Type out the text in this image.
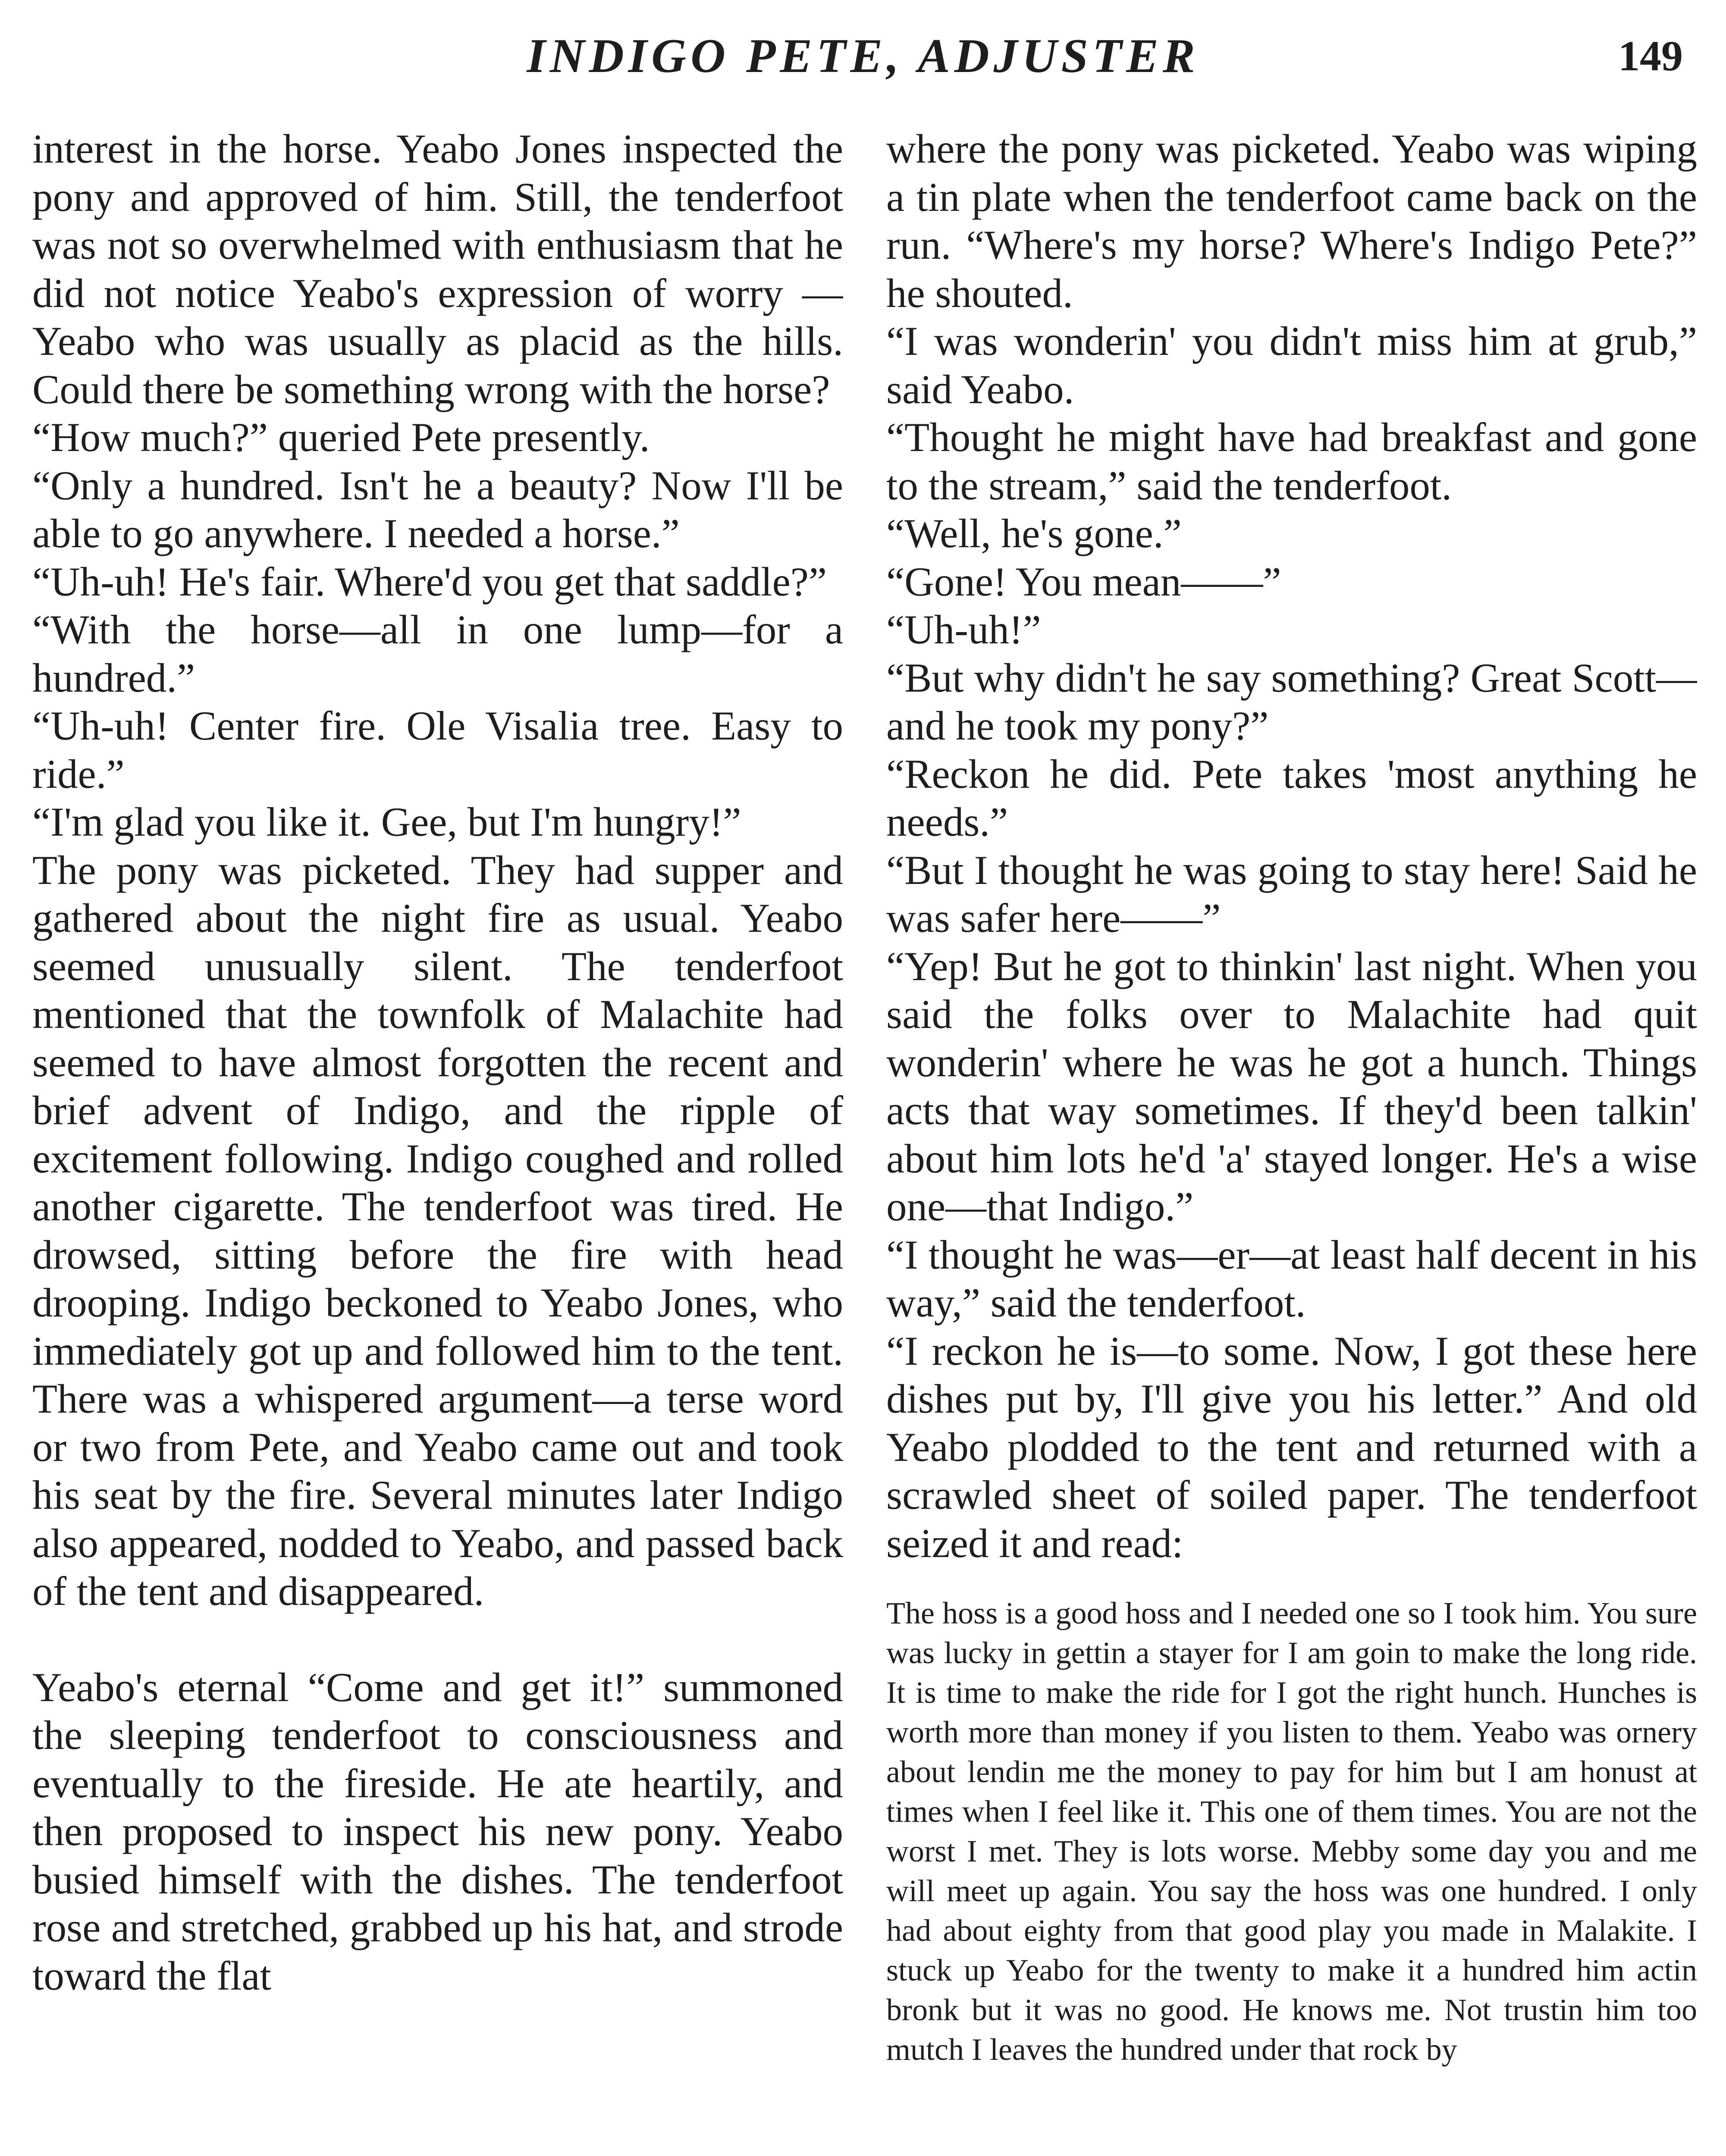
INDIGO PETE, ADJUSTER	149

interest in the horse. Yeabo Jones inspected the pony and approved of him. Still, the tenderfoot was not so overwhelmed with enthusiasm that he did not notice Yeabo's expression of worry —Yeabo who was usually as placid as the hills. Could there be something wrong with the horse?

“How much?” queried Pete presently.

“Only a hundred. Isn't he a beauty? Now I'll be able to go anywhere. I needed a horse.”

“Uh-uh! He's fair. Where'd you get that saddle?”

“With the horse—all in one lump—for a hundred.”

“Uh-uh! Center fire. Ole Visalia tree. Easy to ride.”

“I'm glad you like it. Gee, but I'm hungry!”

The pony was picketed. They had supper and gathered about the night fire as usual. Yeabo seemed unusually silent. The tenderfoot mentioned that the townfolk of Malachite had seemed to have almost forgotten the recent and brief advent of Indigo, and the ripple of excitement following. Indigo coughed and rolled another cigarette. The tenderfoot was tired. He drowsed, sitting before the fire with head drooping. Indigo beckoned to Yeabo Jones, who immediately got up and followed him to the tent. There was a whispered argument—a terse word or two from Pete, and Yeabo came out and took his seat by the fire. Several minutes later Indigo also appeared, nodded to Yeabo, and passed back of the tent and disappeared.

Yeabo's eternal “Come and get it!” summoned the sleeping tenderfoot to consciousness and eventually to the fireside. He ate heartily, and then proposed to inspect his new pony. Yeabo busied himself with the dishes. The tenderfoot rose and stretched, grabbed up his hat, and strode toward the flat

where the pony was picketed. Yeabo was wiping a tin plate when the tenderfoot came back on the run. “Where's my horse? Where's Indigo Pete?” he shouted.

“I was wonderin' you didn't miss him at grub,” said Yeabo.

“Thought he might have had breakfast and gone to the stream,” said the tenderfoot.

“Well, he's gone.”

“Gone! You mean——”

“Uh-uh!”

“But why didn't he say something? Great Scott—and he took my pony?”

“Reckon he did. Pete takes 'most anything he needs.”

“But I thought he was going to stay here! Said he was safer here——”

“Yep! But he got to thinkin' last night. When you said the folks over to Malachite had quit wonderin' where he was he got a hunch. Things acts that way sometimes. If they'd been talkin' about him lots he'd 'a' stayed longer. He's a wise one—that Indigo.”

“I thought he was—er—at least half decent in his way,” said the tenderfoot.

“I reckon he is—to some. Now, I got these here dishes put by, I'll give you his letter.” And old Yeabo plodded to the tent and returned with a scrawled sheet of soiled paper. The tenderfoot seized it and read:

The hoss is a good hoss and I needed one so I took him. You sure was lucky in gettin a stayer for I am goin to make the long ride. It is time to make the ride for I got the right hunch. Hunches is worth more than money if you listen to them. Yeabo was ornery about lendin me the money to pay for him but I am honust at times when I feel like it. This one of them times. You are not the worst I met. They is lots worse. Mebby some day you and me will meet up again. You say the hoss was one hundred. I only had about eighty from that good play you made in Malakite. I stuck up Yeabo for the twenty to make it a hundred him actin bronk but it was no good. He knows me. Not trustin him too mutch I leaves the hundred under that rock by
